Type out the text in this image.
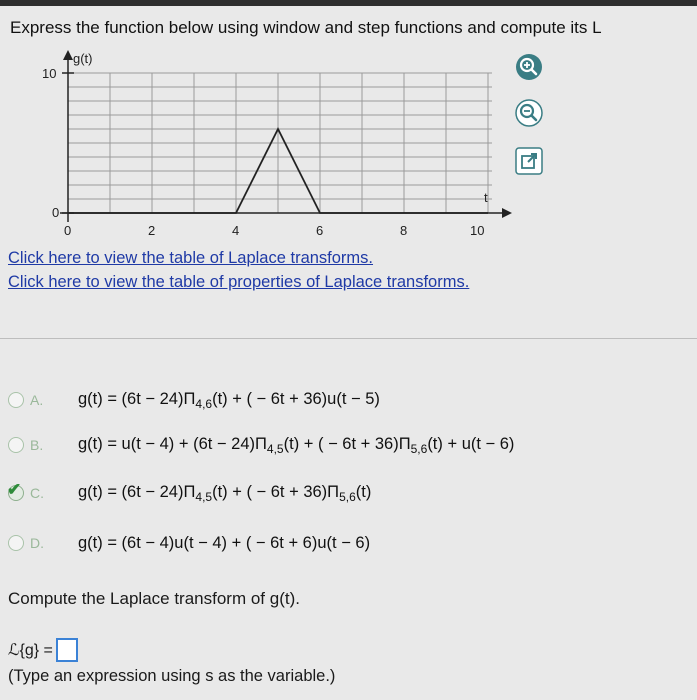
Express the function below using window and step functions and compute its L
g(t)
10
0
t
0	2	4	6	8	10
Click here to view the table of Laplace transforms.
Click here to view the table of properties of Laplace transforms.
A.	$g(t) = (6t - 24)\Pi_{4,6}(t)$ + ( − 6t + 36)u(t − 5)
B.	$g(t) = u(t - 4) + (6t - 24)\Pi_{4,5}(t)$ + ( − $6t + 36)\Pi_{5,6}(t) + u(t - 6)$
✔ C.	$g(t) = (6t - 24)\Pi_{4,5}(t)$ + ( − $6t + 36)\Pi_{5,6}(t)$
D.	g(t) = (6t − 4)u(t − 4) + ( − 6t + 6)u(t − 6)
Compute the Laplace transform of g(t).
ℒ{g} =
(Type an expression using s as the variable.)
